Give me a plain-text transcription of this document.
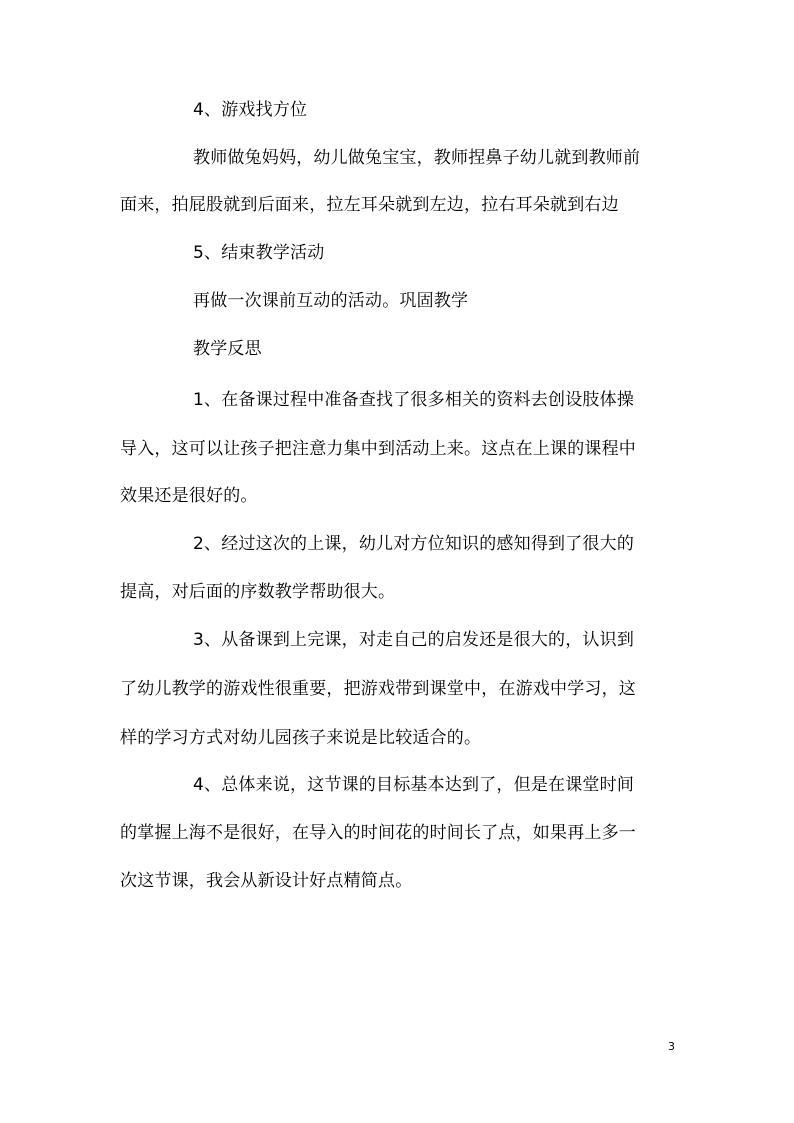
4、游戏找方位
教师做兔妈妈，幼儿做兔宝宝，教师捏鼻子幼儿就到教师前
面来，拍屁股就到后面来，拉左耳朵就到左边，拉右耳朵就到右边
5、结束教学活动
再做一次课前互动的活动。巩固教学
教学反思
1、在备课过程中准备查找了很多相关的资料去创设肢体操
导入，这可以让孩子把注意力集中到活动上来。这点在上课的课程中
效果还是很好的。
2、经过这次的上课，幼儿对方位知识的感知得到了很大的
提高，对后面的序数教学帮助很大。
3、从备课到上完课，对走自己的启发还是很大的，认识到
了幼儿教学的游戏性很重要，把游戏带到课堂中，在游戏中学习，这
样的学习方式对幼儿园孩子来说是比较适合的。
4、总体来说，这节课的目标基本达到了，但是在课堂时间
的掌握上海不是很好，在导入的时间花的时间长了点，如果再上多一
次这节课，我会从新设计好点精简点。
3
